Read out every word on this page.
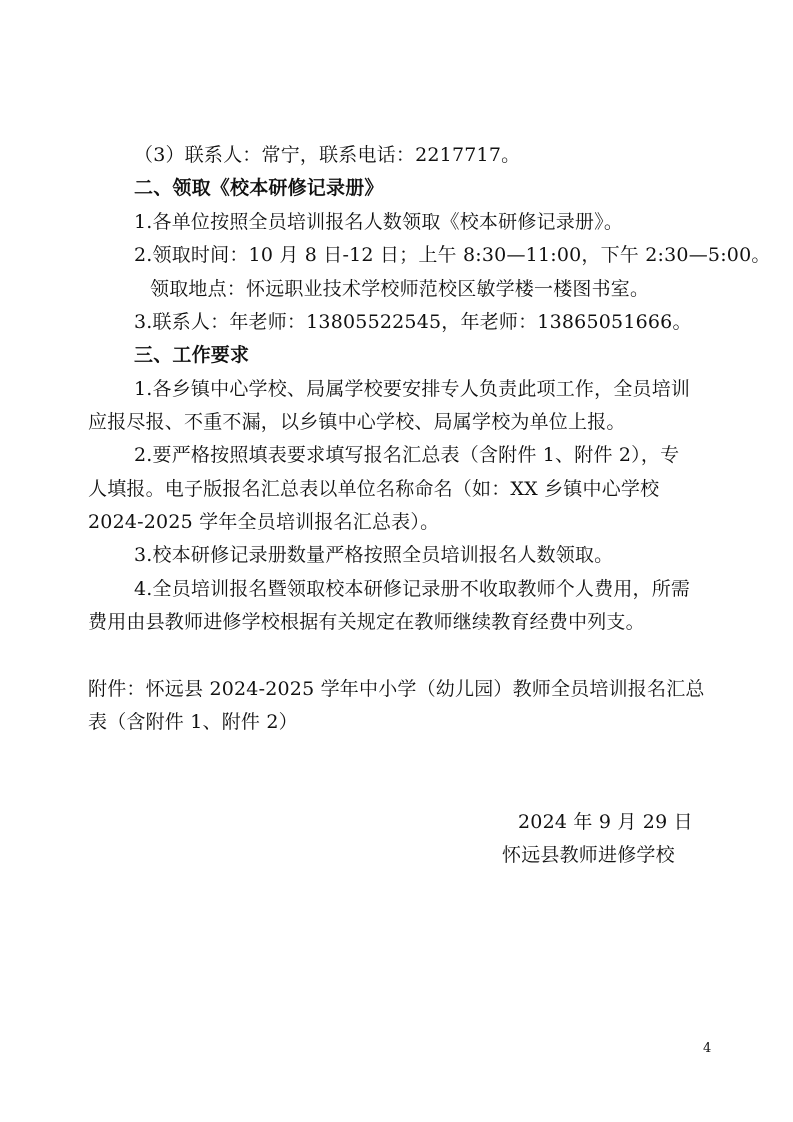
（3）联系人：常宁，联系电话：2217717。
二、领取《校本研修记录册》
1.各单位按照全员培训报名人数领取《校本研修记录册》。
2.领取时间：10 月 8 日-12 日；上午 8:30—11:00，下午 2:30—5:00。
领取地点：怀远职业技术学校师范校区敏学楼一楼图书室。
3.联系人：年老师：13805522545，年老师：13865051666。
三、工作要求
1.各乡镇中心学校、局属学校要安排专人负责此项工作，全员培训
应报尽报、不重不漏，以乡镇中心学校、局属学校为单位上报。
2.要严格按照填表要求填写报名汇总表（含附件 1、附件 2），专
人填报。电子版报名汇总表以单位名称命名（如：XX 乡镇中心学校
2024-2025 学年全员培训报名汇总表）。
3.校本研修记录册数量严格按照全员培训报名人数领取。
4.全员培训报名暨领取校本研修记录册不收取教师个人费用，所需
费用由县教师进修学校根据有关规定在教师继续教育经费中列支。
附件：怀远县 2024-2025 学年中小学（幼儿园）教师全员培训报名汇总
表（含附件 1、附件 2）
2024 年 9 月 29 日
怀远县教师进修学校
4
